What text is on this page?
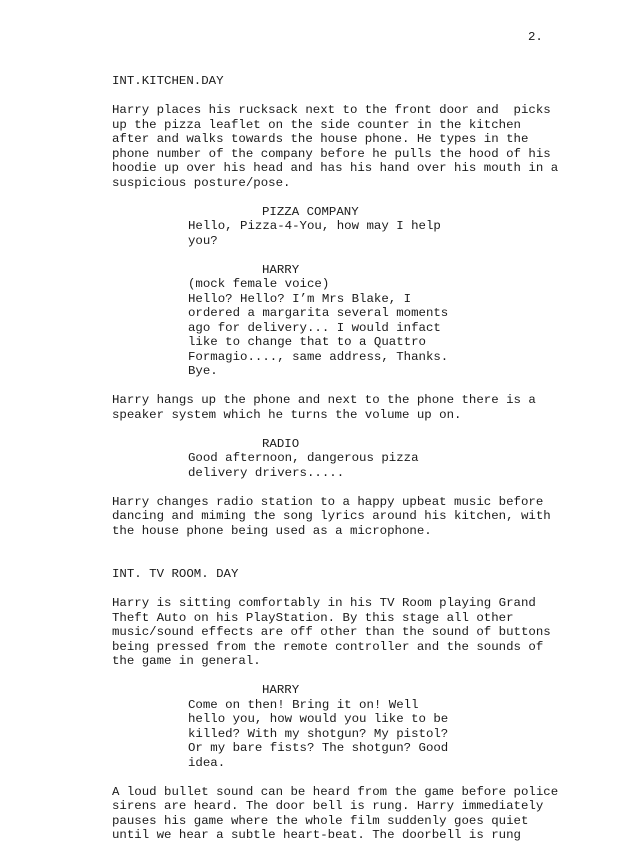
2.
INT.KITCHEN.DAY
Harry places his rucksack next to the front door and  picks
up the pizza leaflet on the side counter in the kitchen
after and walks towards the house phone. He types in the
phone number of the company before he pulls the hood of his
hoodie up over his head and has his hand over his mouth in a
suspicious posture/pose.
PIZZA COMPANY
Hello, Pizza-4-You, how may I help
you?
HARRY
(mock female voice)
Hello? Hello? I’m Mrs Blake, I
ordered a margarita several moments
ago for delivery... I would infact
like to change that to a Quattro
Formagio...., same address, Thanks.
Bye.
Harry hangs up the phone and next to the phone there is a
speaker system which he turns the volume up on.
RADIO
Good afternoon, dangerous pizza
delivery drivers.....
Harry changes radio station to a happy upbeat music before
dancing and miming the song lyrics around his kitchen, with
the house phone being used as a microphone.
INT. TV ROOM. DAY
Harry is sitting comfortably in his TV Room playing Grand
Theft Auto on his PlayStation. By this stage all other
music/sound effects are off other than the sound of buttons
being pressed from the remote controller and the sounds of
the game in general.
HARRY
Come on then! Bring it on! Well
hello you, how would you like to be
killed? With my shotgun? My pistol?
Or my bare fists? The shotgun? Good
idea.
A loud bullet sound can be heard from the game before police
sirens are heard. The door bell is rung. Harry immediately
pauses his game where the whole film suddenly goes quiet
until we hear a subtle heart-beat. The doorbell is rung
